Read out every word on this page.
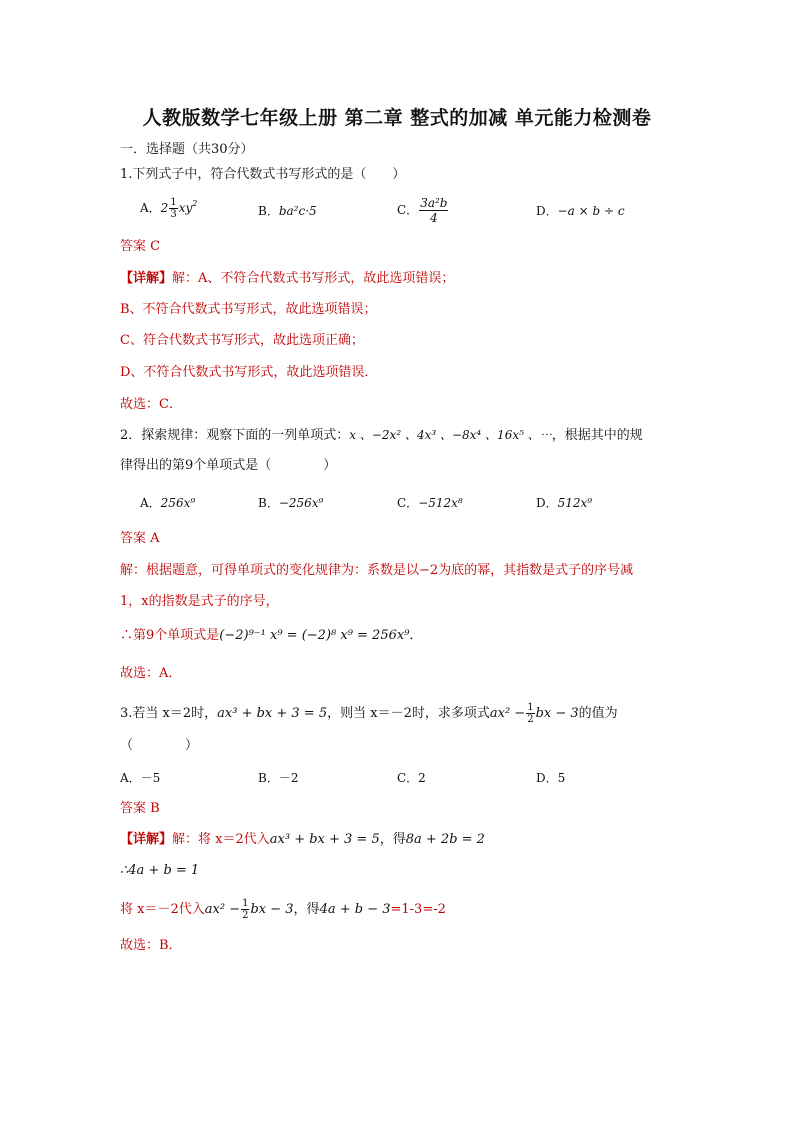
人教版数学七年级上册 第二章 整式的加减 单元能力检测卷
一．选择题（共30分）
1.下列式子中，符合代数式书写形式的是（　　）
A．$2 \frac{1}{3} xy^2$
B．ba²c·5	C． $\frac{\text{3a²b}}{4}$	D．−a × b ÷ c
答案 C
【详解】解：A、不符合代数式书写形式，故此选项错误；
B、不符合代数式书写形式，故此选项错误；
C、符合代数式书写形式，故此选项正确；
D、不符合代数式书写形式，故此选项错误．
故选：C．
2．探索规律：观察下面的一列单项式：x 、−2x² 、4x³ 、−8x⁴ 、16x⁵ 、⋯，根据其中的规
律得出的第9个单项式是（　　　　）
A．256x⁹	B．−256x⁹	C．−512x⁸	D．512x⁹
答案 A
解：根据题意，可得单项式的变化规律为：系数是以−2为底的幂，其指数是式子的序号减
1，x的指数是式子的序号，
∴第9个单项式是(−2)⁹⁻¹ x⁹ = (−2)⁸ x⁹ = 256x⁹．
故选：A．
3.若当 x＝2时，ax³ + bx + 3 = 5，则当 x＝－2时，求多项式$ax^2 - \frac{1}{2}$ bx − 3的值为
（　　　　）
A．－5	B．－2	C．2	D．5
答案 B
【详解】解：将 x＝2代入ax³ + bx + 3 = 5，得8a + 2b = 2
∴4a + b = 1
将 x＝－2代入$ax^2 - \frac{1}{2}$ bx − 3，得4a + b − 3=1-3=-2
故选：B．
